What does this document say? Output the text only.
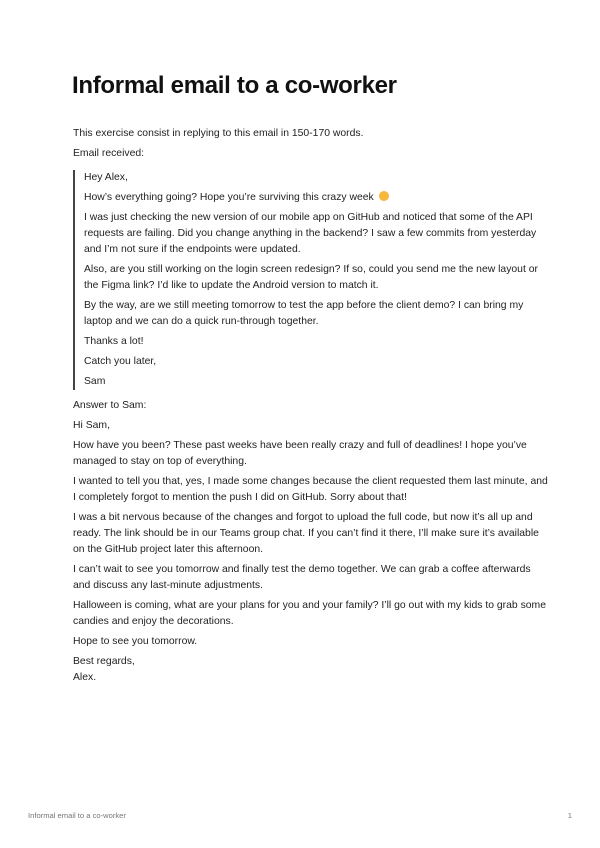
Informal email to a co-worker

This exercise consist in replying to this email in 150-170 words.

Email received:

Hey Alex,

How’s everything going? Hope you’re surviving this crazy week

I was just checking the new version of our mobile app on GitHub and noticed that some of the API requests are failing. Did you change anything in the backend? I saw a few commits from yesterday and I’m not sure if the endpoints were updated.

Also, are you still working on the login screen redesign? If so, could you send me the new layout or the Figma link? I’d like to update the Android version to match it.

By the way, are we still meeting tomorrow to test the app before the client demo? I can bring my laptop and we can do a quick run-through together.

Thanks a lot!

Catch you later,

Sam

Answer to Sam:

Hi Sam,

How have you been? These past weeks have been really crazy and full of deadlines! I hope you’ve managed to stay on top of everything.

I wanted to tell you that, yes, I made some changes because the client requested them last minute, and I completely forgot to mention the push I did on GitHub. Sorry about that!

I was a bit nervous because of the changes and forgot to upload the full code, but now it’s all up and ready. The link should be in our Teams group chat. If you can’t find it there, I’ll make sure it’s available on the GitHub project later this afternoon.

I can’t wait to see you tomorrow and finally test the demo together. We can grab a coffee afterwards and discuss any last-minute adjustments.

Halloween is coming, what are your plans for you and your family? I’ll go out with my kids to grab some candies and enjoy the decorations.

Hope to see you tomorrow.

Best regards,
Alex.
Informal email to a co-worker	1
